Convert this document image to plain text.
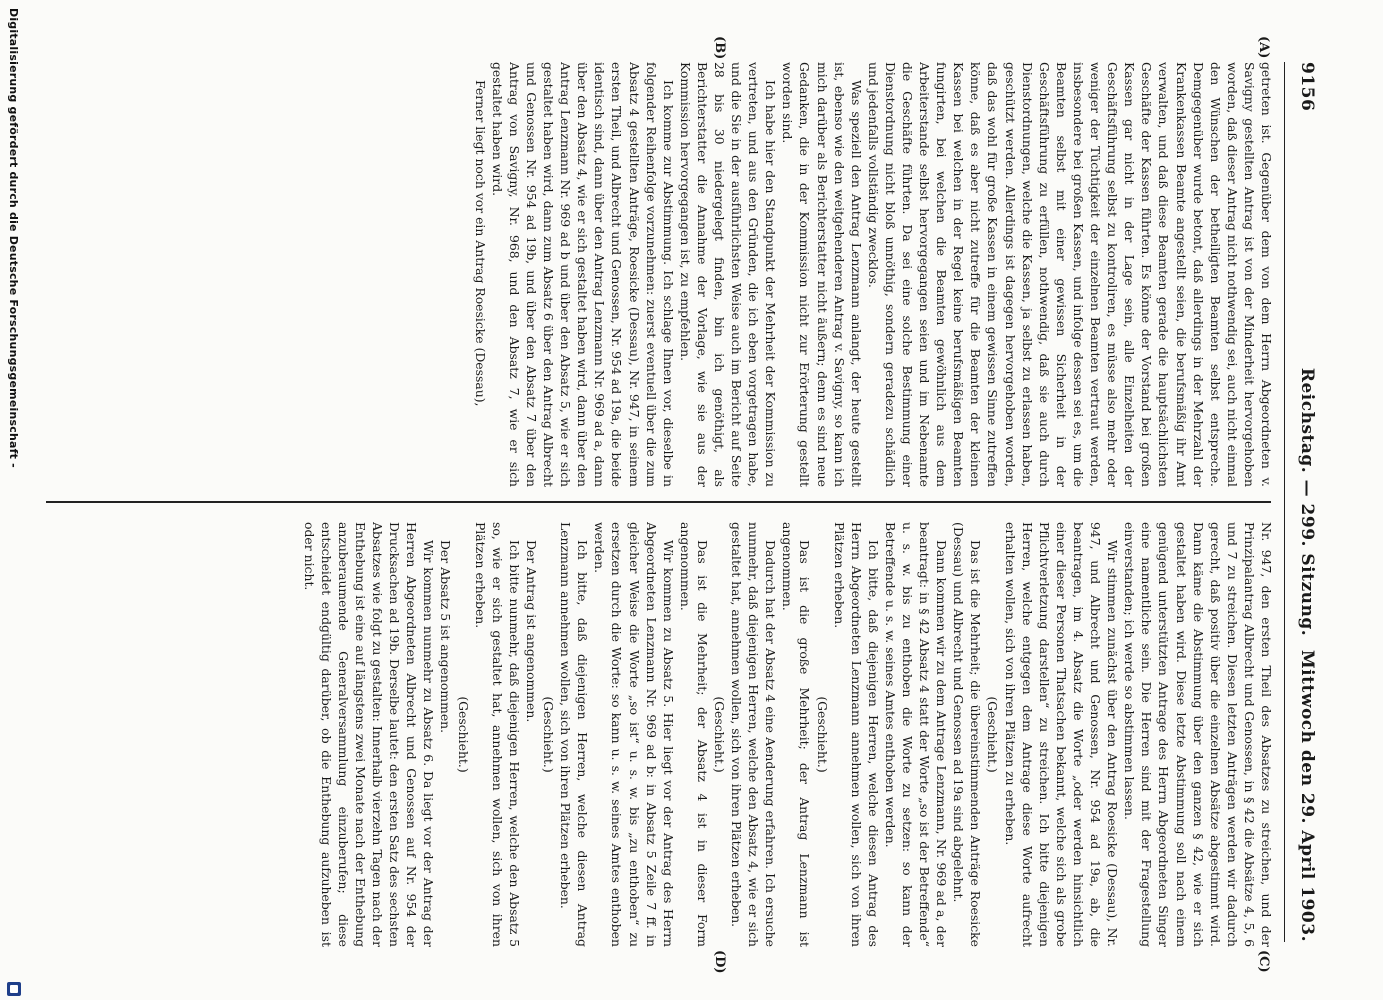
9156
Reichstag. — 299. Sitzung.
Mittwoch den 29. April 1903.
(A)
(B)
(C)
(D)

getreten ist. Gegenüber dem von dem Herrn Abgeordneten v. Savigny gestellten Antrag ist von der Minderheit hervorgehoben worden, daß dieser Antrag nicht nothwendig sei, auch nicht einmal den Wünschen der betheiligten Beamten selbst entspreche. Demgegenüber wurde betont, daß allerdings in der Mehrzahl der Krankenkassen Beamte angestellt seien, die berufsmäßig ihr Amt verwalten, und daß diese Beamten gerade die hauptsächlichsten Geschäfte der Kassen führten. Es könne der Vorstand bei großen Kassen gar nicht in der Lage sein, alle Einzelheiten der Geschäftsführung selbst zu kontroliren, es müsse also mehr oder weniger der Tüchtigkeit der einzelnen Beamten vertraut werden, insbesondere bei großen Kassen, und infolge dessen sei es, um die Beamten selbst mit einer gewissen Sicherheit in der Geschäftsführung zu erfüllen, nothwendig, daß sie auch durch Dienstordnungen, welche die Kassen, ja selbst zu erlassen haben, geschützt werden. Allerdings ist dagegen hervorgehoben worden, daß das wohl für große Kassen in einem gewissen Sinne zutreffen könne, daß es aber nicht zutreffe für die Beamten der kleinen Kassen bei welchen in der Regel keine berufsmäßigen Beamten fungirten, bei welchen die Beamten gewöhnlich aus dem Arbeiterstande selbst hervorgegangen seien und im Nebenamte die Geschäfte führten. Da sei eine solche Bestimmung einer Dienstordnung nicht bloß unnöthig, sondern geradezu schädlich und jedenfalls vollständig zwecklos.

Was speziell den Antrag Lenzmann anlangt, der heute gestellt ist, ebenso wie den weitgehenderen Antrag v. Savigny, so kann ich mich darüber als Berichterstatter nicht äußern; denn es sind neue Gedanken, die in der Kommission nicht zur Erörterung gestellt worden sind.

Ich habe hier den Standpunkt der Mehrheit der Kommission zu vertreten, und aus den Gründen, die ich eben vorgetragen habe, und die Sie in der ausführlichsten Weise auch im Bericht auf Seite 28 bis 30 niedergelegt finden, bin ich genöthigt, als Berichterstatter die Annahme der Vorlage, wie sie aus der Kommission hervorgegangen ist, zu empfehlen.

Ich komme zur Abstimmung. Ich schlage Ihnen vor, dieselbe in folgender Reihenfolge vorzunehmen: zuerst eventuell über die zum Absatz 4 gestellten Anträge, Roesicke (Dessau), Nr. 947, in seinem ersten Theil, und Albrecht und Genossen, Nr. 954 ad 19a, die beide identisch sind, dann über den Antrag Lenzmann Nr. 969 ad a, dann über den Absatz 4, wie er sich gestaltet haben wird, dann über den Antrag Lenzmann Nr. 969 ad b und über den Absatz 5, wie er sich gestaltet haben wird, dann zum Absatz 6 über den Antrag Albrecht und Genossen Nr. 954 ad 19b, und über den Absatz 7 über den Antrag von Savigny, Nr. 968, und den Absatz 7, wie er sich gestaltet haben wird.

Ferner liegt noch vor ein Antrag Roesicke (Dessau),

Nr. 947, den ersten Theil des Absatzes zu streichen, und der Prinzipalantrag Albrecht und Genossen, in § 42 die Absätze 4, 5, 6 und 7 zu streichen. Diesen letzten Anträgen werden wir dadurch gerecht, daß positiv über die einzelnen Absätze abgestimmt wird. Dann käme die Abstimmung über den ganzen § 42, wie er sich gestaltet haben wird. Diese letzte Abstimmung soll nach einem genügend unterstützten Antrage des Herrn Abgeordneten Singer eine namentliche sein. Die Herren sind mit der Fragestellung einverstanden; ich werde so abstimmen lassen.

Wir stimmen zunächst über den Antrag Roesicke (Dessau), Nr. 947, und Albrecht und Genossen, Nr. 954 ad 19a, ab, die beantragen, im 4. Absatz die Worte „oder werden hinsichtlich einer dieser Personen Thatsachen bekannt, welche sich als grobe Pflichtverletzung darstellen“ zu streichen. Ich bitte diejenigen Herren, welche entgegen dem Antrage diese Worte aufrecht erhalten wollen, sich von ihren Plätzen zu erheben.

(Geschieht.)

Das ist die Mehrheit; die übereinstimmenden Anträge Roesicke (Dessau) und Albrecht und Genossen ad 19a sind abgelehnt.

Dann kommen wir zu dem Antrage Lenzmann, Nr. 969 ad a, der beantragt: in § 42 Absatz 4 statt der Worte „so ist der Betreffende“ u. s. w. bis zu enthoben die Worte zu setzen: so kann der Betreffende u. s. w. seines Amtes enthoben werden.

Ich bitte, daß diejenigen Herren, welche diesen Antrag des Herrn Abgeordneten Lenzmann annehmen wollen, sich von ihren Plätzen erheben.

(Geschieht.)

Das ist die große Mehrheit; der Antrag Lenzmann ist angenommen.

Dadurch hat der Absatz 4 eine Aenderung erfahren. Ich ersuche nunmehr, daß diejenigen Herren, welche den Absatz 4, wie er sich gestaltet hat, annehmen wollen, sich von ihren Plätzen erheben.

(Geschieht.)

Das ist die Mehrheit; der Absatz 4 ist in dieser Form angenommen.

Wir kommen zu Absatz 5. Hier liegt vor der Antrag des Herrn Abgeordneten Lenzmann Nr. 969 ad b: in Absatz 5 Zeile 7 ff. in gleicher Weise die Worte „so ist“ u. s. w. bis „zu enthoben“ zu ersetzen durch die Worte: so kann u. s. w. seines Amtes enthoben werden.

Ich bitte, daß diejenigen Herren, welche diesen Antrag Lenzmann annehmen wollen, sich von ihren Plätzen erheben.

(Geschieht.)

Der Antrag ist angenommen.

Ich bitte nunmehr, daß diejenigen Herren, welche den Absatz 5 so, wie er sich gestaltet hat, annehmen wollen, sich von ihren Plätzen erheben.

(Geschieht.)

Der Absatz 5 ist angenommen.

Wir kommen nunmehr zu Absatz 6. Da liegt vor der Antrag der Herren Abgeordneten Albrecht und Genossen auf Nr. 954 der Drucksachen ad 19b. Derselbe lautet: den ersten Satz des sechsten Absatzes wie folgt zu gestalten: Innerhalb vierzehn Tagen nach der Enthebung ist eine auf längstens zwei Monate nach der Enthebung anzuberaumende Generalversammlung einzuberufen; diese entscheidet endgültig darüber, ob die Enthebung aufzuheben ist oder nicht.

Digitalisierung gefördert durch die Deutsche Forschungsgemeinschaft -
